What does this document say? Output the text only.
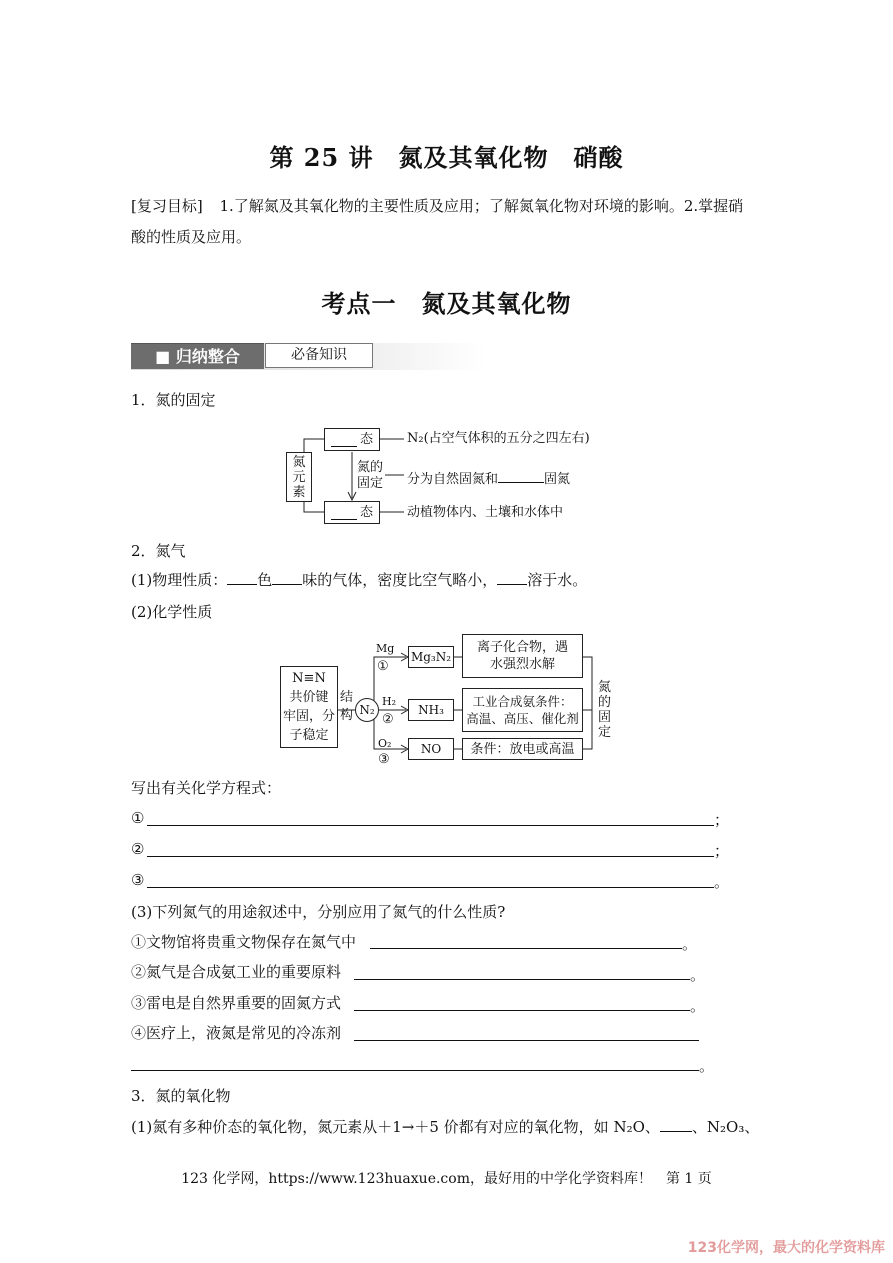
第 25 讲　氮及其氧化物　硝酸
[复习目标] 1.了解氮及其氧化物的主要性质及应用；了解氮氧化物对环境的影响。2.掌握硝
酸的性质及应用。
考点一　氮及其氧化物
■ 归纳整合	必备知识
1．氮的固定
氮
元
素
态
态
氮的
固定
N₂(占空气体积的五分之四左右)
分为自然固氮和	固氮
动植物体内、土壤和水体中
2．氮气
(1)物理性质： 色 味的气体，密度比空气略小， 溶于水。
(2)化学性质
N≡N
共价键
牢固，分
子稳定
结
构 N₂
Mg
①
Mg₃N₂
离子化合物，遇
水强烈水解
H₂
②
NH₃
工业合成氨条件：
高温、高压、催化剂
O₂
③
NO	条件：放电或高温
氮
的
固
定
写出有关化学方程式：
①	；
②	；
③	。
(3)下列氮气的用途叙述中，分别应用了氮气的什么性质?
①文物馆将贵重文物保存在氮气中	。
②氮气是合成氨工业的重要原料	。
③雷电是自然界重要的固氮方式	。
④医疗上，液氮是常见的冷冻剂
。
3．氮的氧化物
(1)氮有多种价态的氧化物，氮元素从＋1→＋5 价都有对应的氧化物，如 N₂O、 、N₂O₃、
123 化学网，https://www.123huaxue.com，最好用的中学化学资料库！　第 1 页
123化学网，最大的化学资料库
